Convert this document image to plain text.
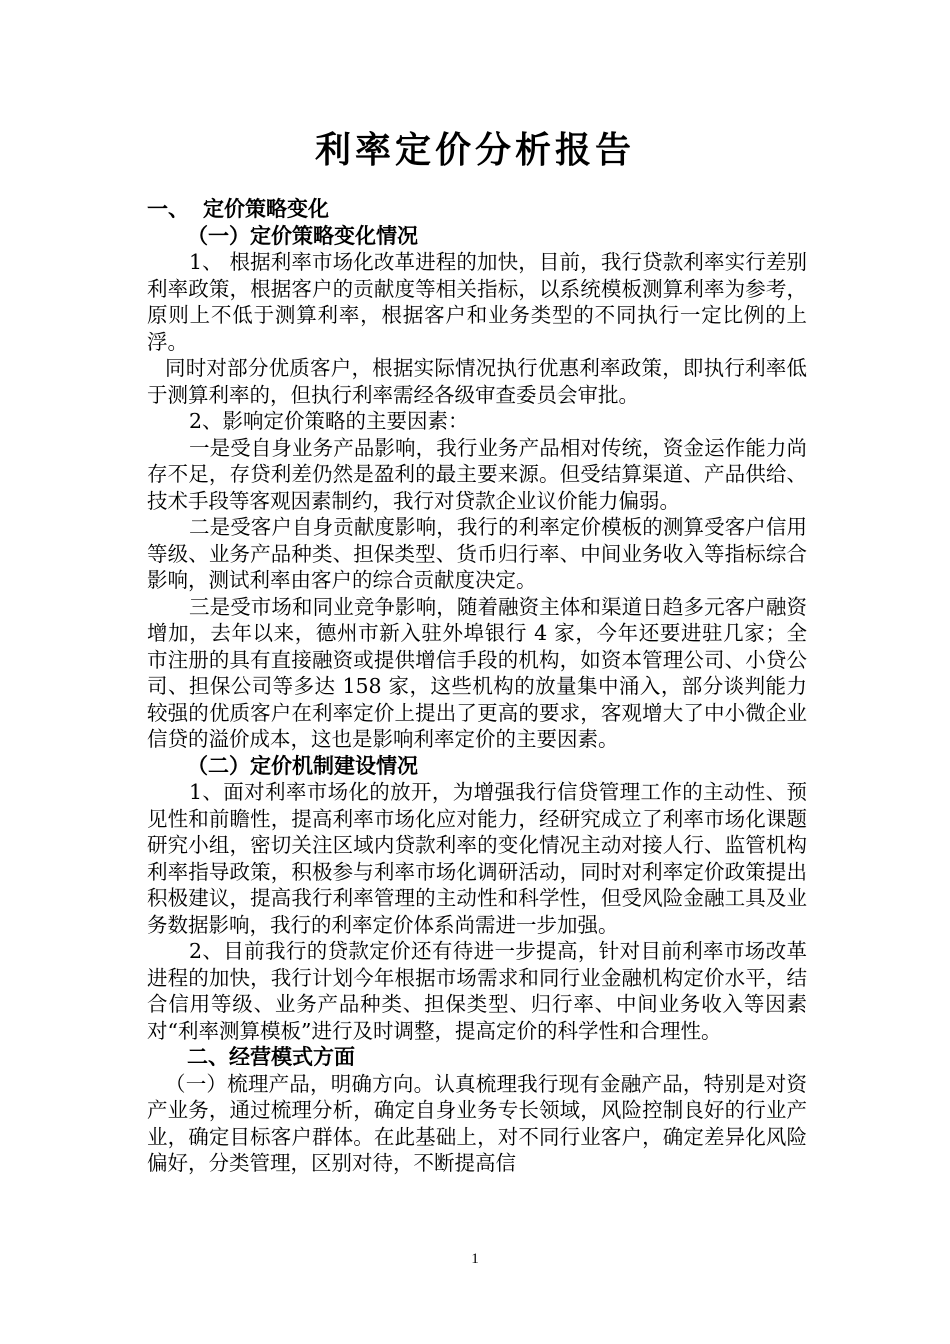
利率定价分析报告

一、 定价策略变化

（一）定价策略变化情况

1、 根据利率市场化改革进程的加快，目前，我行贷款利率实行差别利率政策，根据客户的贡献度等相关指标，以系统模板测算利率为参考，原则上不低于测算利率，根据客户和业务类型的不同执行一定比例的上浮。

同时对部分优质客户，根据实际情况执行优惠利率政策，即执行利率低于测算利率的，但执行利率需经各级审查委员会审批。

2、影响定价策略的主要因素：

一是受自身业务产品影响，我行业务产品相对传统，资金运作能力尚存不足，存贷利差仍然是盈利的最主要来源。但受结算渠道、产品供给、技术手段等客观因素制约，我行对贷款企业议价能力偏弱。

二是受客户自身贡献度影响，我行的利率定价模板的测算受客户信用等级、业务产品种类、担保类型、货币归行率、中间业务收入等指标综合影响，测试利率由客户的综合贡献度决定。

三是受市场和同业竞争影响，随着融资主体和渠道日趋多元客户融资增加，去年以来，德州市新入驻外埠银行 4 家，今年还要进驻几家；全市注册的具有直接融资或提供增信手段的机构，如资本管理公司、小贷公司、担保公司等多达 158 家，这些机构的放量集中涌入，部分谈判能力较强的优质客户在利率定价上提出了更高的要求，客观增大了中小微企业信贷的溢价成本，这也是影响利率定价的主要因素。

（二）定价机制建设情况

1、面对利率市场化的放开，为增强我行信贷管理工作的主动性、预见性和前瞻性，提高利率市场化应对能力，经研究成立了利率市场化课题研究小组，密切关注区域内贷款利率的变化情况主动对接人行、监管机构利率指导政策，积极参与利率市场化调研活动，同时对利率定价政策提出积极建议，提高我行利率管理的主动性和科学性，但受风险金融工具及业务数据影响，我行的利率定价体系尚需进一步加强。

2、目前我行的贷款定价还有待进一步提高，针对目前利率市场改革进程的加快，我行计划今年根据市场需求和同行业金融机构定价水平，结合信用等级、业务产品种类、担保类型、归行率、中间业务收入等因素对“利率测算模板”进行及时调整，提高定价的科学性和合理性。

二、经营模式方面

（一）梳理产品，明确方向。认真梳理我行现有金融产品，特别是对资产业务，通过梳理分析，确定自身业务专长领域，风险控制良好的行业产业，确定目标客户群体。在此基础上，对不同行业客户，确定差异化风险偏好，分类管理，区别对待，不断提高信

1
